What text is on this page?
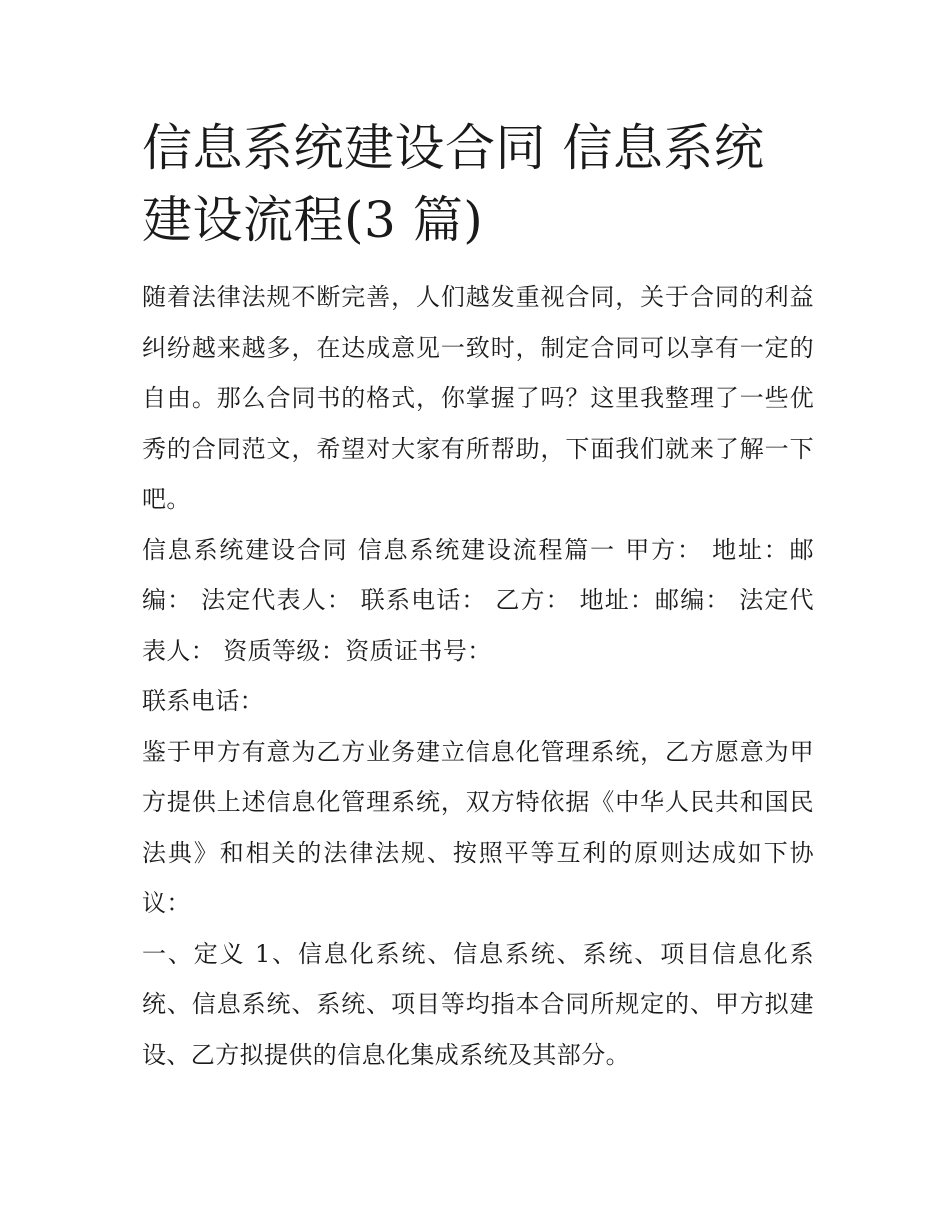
信息系统建设合同 信息系统建设流程(3 篇)

随着法律法规不断完善，人们越发重视合同，关于合同的利益纠纷越来越多，在达成意见一致时，制定合同可以享有一定的自由。那么合同书的格式，你掌握了吗？这里我整理了一些优秀的合同范文，希望对大家有所帮助，下面我们就来了解一下吧。

信息系统建设合同 信息系统建设流程篇一 甲方： 地址：邮编： 法定代表人： 联系电话： 乙方： 地址：邮编： 法定代表人： 资质等级：资质证书号：

联系电话：

鉴于甲方有意为乙方业务建立信息化管理系统，乙方愿意为甲方提供上述信息化管理系统，双方特依据《中华人民共和国民法典》和相关的法律法规、按照平等互利的原则达成如下协议：

一、定义 1、信息化系统、信息系统、系统、项目信息化系统、信息系统、系统、项目等均指本合同所规定的、甲方拟建设、乙方拟提供的信息化集成系统及其部分。
